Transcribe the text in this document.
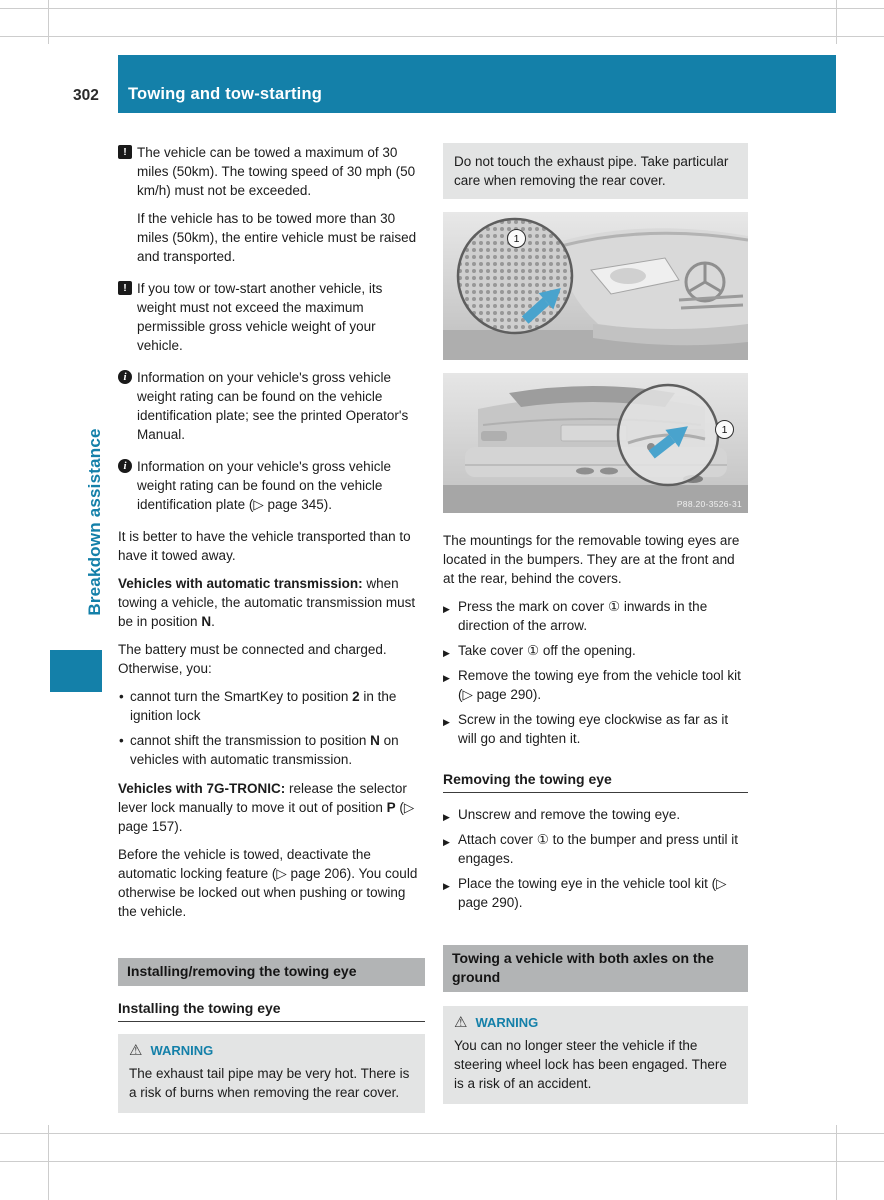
302 Towing and tow-starting
Breakdown assistance
! The vehicle can be towed a maximum of 30 miles (50km). The towing speed of 30 mph (50 km/h) must not be exceeded.

If the vehicle has to be towed more than 30 miles (50km), the entire vehicle must be raised and transported.

! If you tow or tow-start another vehicle, its weight must not exceed the maximum permissible gross vehicle weight of your vehicle.

i Information on your vehicle's gross vehicle weight rating can be found on the vehicle identification plate; see the printed Operator's Manual.

i Information on your vehicle's gross vehicle weight rating can be found on the vehicle identification plate (▷ page 345).

It is better to have the vehicle transported than to have it towed away.

Vehicles with automatic transmission: when towing a vehicle, the automatic transmission must be in position N.

The battery must be connected and charged. Otherwise, you:

• cannot turn the SmartKey to position 2 in the ignition lock
• cannot shift the transmission to position N on vehicles with automatic transmission.

Vehicles with 7G-TRONIC: release the selector lever lock manually to move it out of position P (▷ page 157).

Before the vehicle is towed, deactivate the automatic locking feature (▷ page 206). You could otherwise be locked out when pushing or towing the vehicle.

Installing/removing the towing eye
Installing the towing eye
⚠ WARNING

The exhaust tail pipe may be very hot. There is a risk of burns when removing the rear cover.

Do not touch the exhaust pipe. Take particular care when removing the rear cover.

1
1
P88.20-3526-31

The mountings for the removable towing eyes are located in the bumpers. They are at the front and at the rear, behind the covers.

▶ Press the mark on cover ① inwards in the direction of the arrow.
▶ Take cover ① off the opening.
▶ Remove the towing eye from the vehicle tool kit (▷ page 290).
▶ Screw in the towing eye clockwise as far as it will go and tighten it.
Removing the towing eye
▶ Unscrew and remove the towing eye.
▶ Attach cover ① to the bumper and press until it engages.
▶ Place the towing eye in the vehicle tool kit (▷ page 290).
Towing a vehicle with both axles on the ground
⚠ WARNING

You can no longer steer the vehicle if the steering wheel lock has been engaged. There is a risk of an accident.
